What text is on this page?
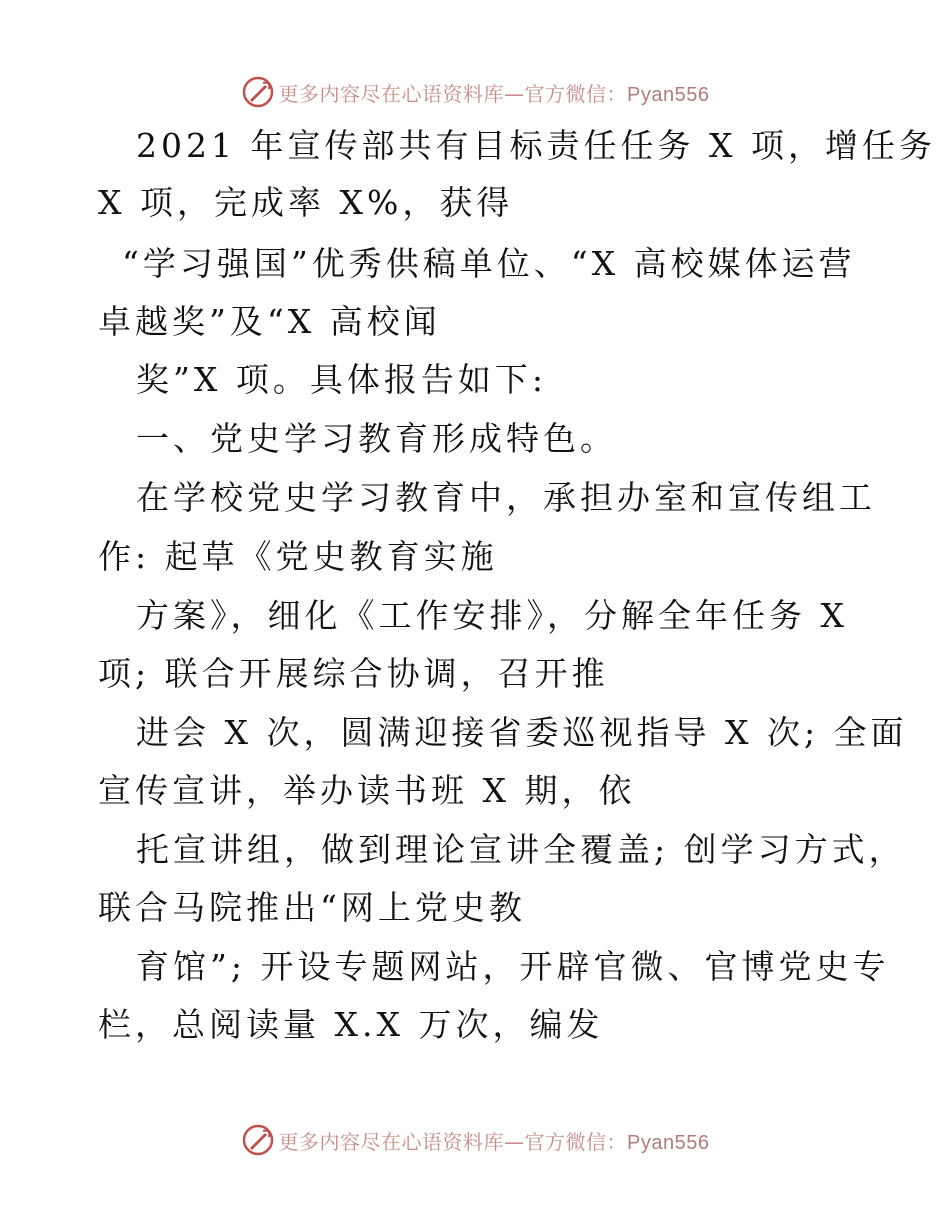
更多内容尽在心语资料库—官方微信：Pyan556
2021 年宣传部共有目标责任任务 X 项，增任务
X 项，完成率 X%，获得
“学习强国”优秀供稿单位、“X 高校媒体运营
卓越奖”及“X 高校闻
奖”X 项。具体报告如下:
一、党史学习教育形成特色。
在学校党史学习教育中，承担办室和宣传组工
作: 起草《党史教育实施
方案》，细化《工作安排》，分解全年任务 X
项; 联合开展综合协调，召开推
进会 X 次，圆满迎接省委巡视指导 X 次; 全面
宣传宣讲，举办读书班 X 期，依
托宣讲组，做到理论宣讲全覆盖; 创学习方式，
联合马院推出“网上党史教
育馆”; 开设专题网站，开辟官微、官博党史专
栏，总阅读量 X.X 万次，编发
更多内容尽在心语资料库—官方微信：Pyan556
